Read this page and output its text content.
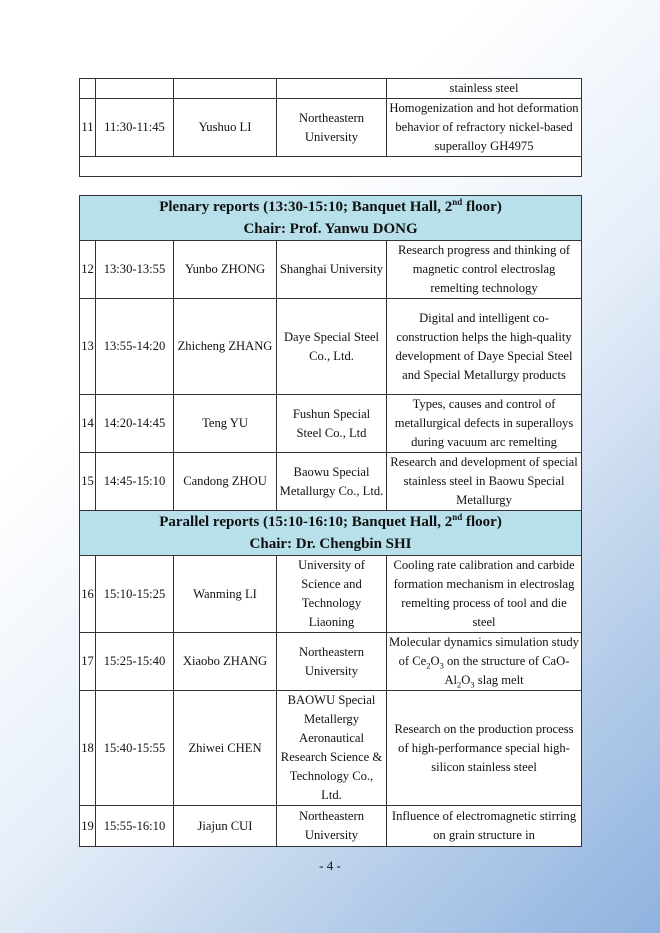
				stainless steel
11	11:30-11:45	Yushuo LI	Northeastern University	Homogenization and hot deformation behavior of refractory nickel-based superalloy GH4975

Plenary reports (13:30-15:10; Banquet Hall, 2nd floor)
Chair: Prof. Yanwu DONG				

12	13:30-13:55	Yunbo ZHONG	Shanghai University	Research progress and thinking of magnetic control electroslag remelting technology
13	13:55-14:20	Zhicheng ZHANG	Daye Special Steel Co., Ltd.	Digital and intelligent co-construction helps the high-quality development of Daye Special Steel and Special Metallurgy products
14	14:20-14:45	Teng YU	Fushun Special Steel Co., Ltd	Types, causes and control of metallurgical defects in superalloys during vacuum arc remelting
15	14:45-15:10	Candong ZHOU	Baowu Special Metallurgy Co., Ltd.	Research and development of special stainless steel in Baowu Special Metallurgy

Parallel reports (15:10-16:10; Banquet Hall, 2nd floor)
Chair: Dr. Chengbin SHI				

16	15:10-15:25	Wanming LI	University of Science and Technology Liaoning	Cooling rate calibration and carbide formation mechanism in electroslag remelting process of tool and die steel
17	15:25-15:40	Xiaobo ZHANG	Northeastern University	Molecular dynamics simulation study of $Ce_2O_3$ on the structure of CaO-$Al_2O_3$ slag melt
18	15:40-15:55	Zhiwei CHEN	BAOWU Special Metallergy Aeronautical Research Science & Technology Co., Ltd.	Research on the production process of high-performance special high-silicon stainless steel
19	15:55-16:10	Jiajun CUI	Northeastern University	Influence of electromagnetic stirring on grain structure in
- 4 -
